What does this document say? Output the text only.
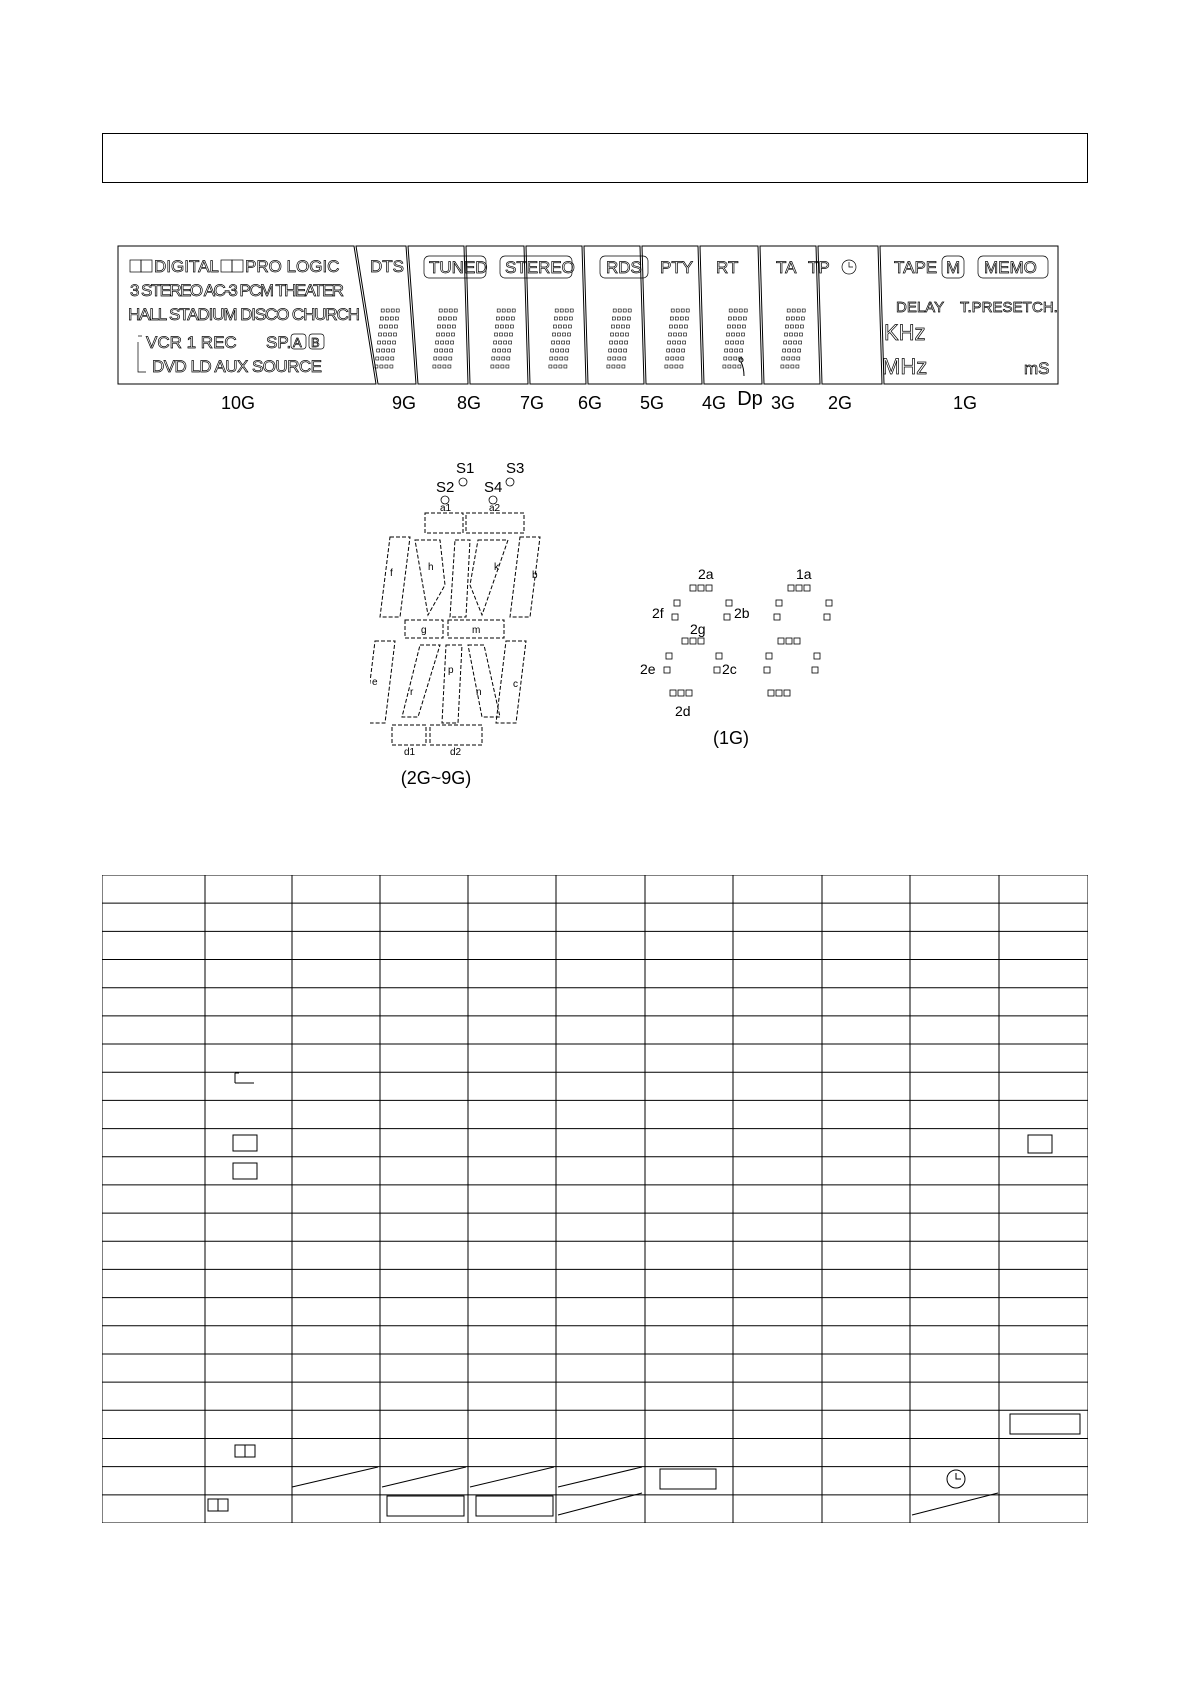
DIGITAL PRO LOGIC
3 STEREO AC-3 PCM THEATER
HALL STADIUM DISCO CHURCH
VCR 1 REC SP. A B
DVD LD AUX SOURCE
DTS TUNED STEREO RDS PTY RT TA TP	TAPE M MEMO
DELAY T.PRESET CH.
KHz
MHz	mS
10G	9G 8G 7G 6G 5G 4G Dp 3G 2G	1G
S1 S3
S2 S4
a1	a2
f	b
h	k
g	m
e	c
p
r	n
d1	d2
(2G~9G)
2a	1a
2f	2b
2g
2e	2c
2d
(1G)
